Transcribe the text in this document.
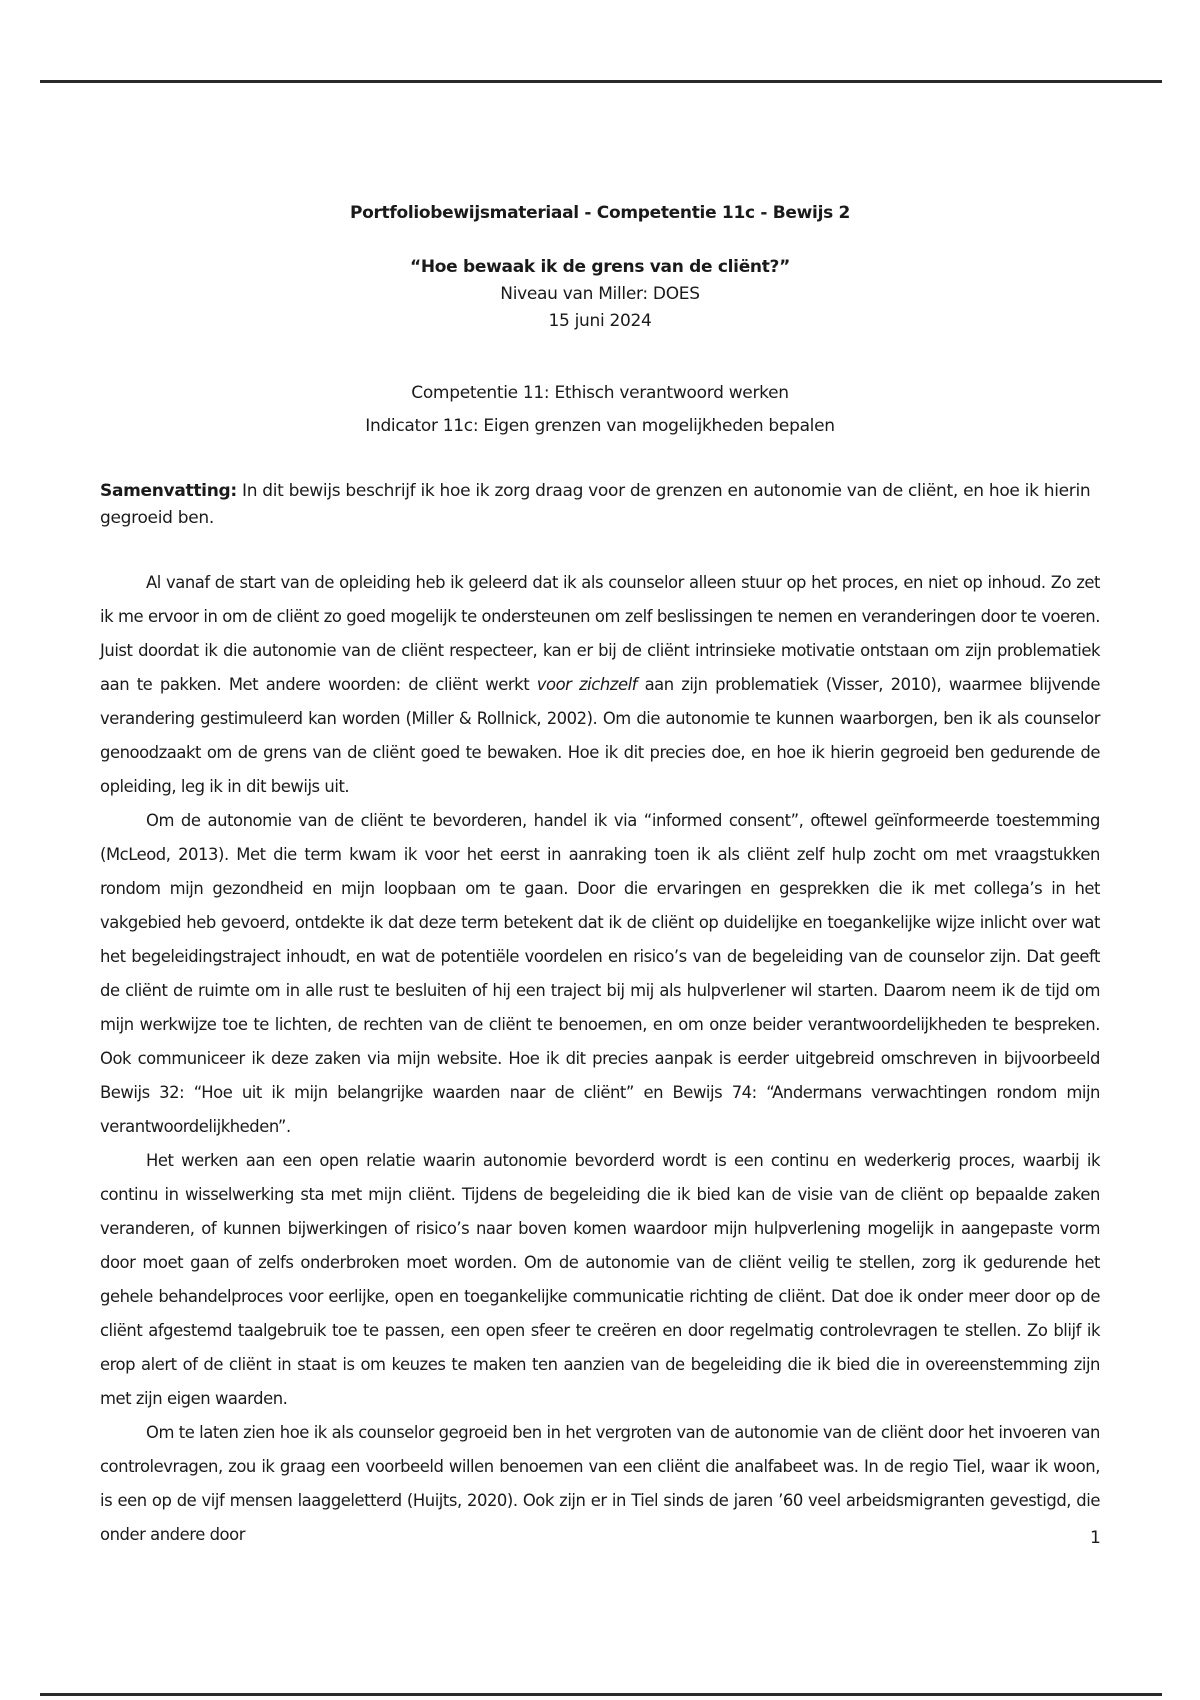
Portfoliobewijsmateriaal - Competentie 11c - Bewijs 2
“Hoe bewaak ik de grens van de cliënt?”
Niveau van Miller: DOES
15 juni 2024
Competentie 11: Ethisch verantwoord werken
Indicator 11c: Eigen grenzen van mogelijkheden bepalen
Samenvatting: In dit bewijs beschrijf ik hoe ik zorg draag voor de grenzen en autonomie van de cliënt, en hoe ik hierin gegroeid ben.

Al vanaf de start van de opleiding heb ik geleerd dat ik als counselor alleen stuur op het proces, en niet op inhoud. Zo zet ik me ervoor in om de cliënt zo goed mogelijk te ondersteunen om zelf beslissingen te nemen en veranderingen door te voeren. Juist doordat ik die autonomie van de cliënt respecteer, kan er bij de cliënt intrinsieke motivatie ontstaan om zijn problematiek aan te pakken. Met andere woorden: de cliënt werkt voor zichzelf aan zijn problematiek (Visser, 2010), waarmee blijvende verandering gestimuleerd kan worden (Miller & Rollnick, 2002). Om die autonomie te kunnen waarborgen, ben ik als counselor genoodzaakt om de grens van de cliënt goed te bewaken. Hoe ik dit precies doe, en hoe ik hierin gegroeid ben gedurende de opleiding, leg ik in dit bewijs uit.

Om de autonomie van de cliënt te bevorderen, handel ik via “informed consent”, oftewel geïnformeerde toestemming (McLeod, 2013). Met die term kwam ik voor het eerst in aanraking toen ik als cliënt zelf hulp zocht om met vraagstukken rondom mijn gezondheid en mijn loopbaan om te gaan. Door die ervaringen en gesprekken die ik met collega’s in het vakgebied heb gevoerd, ontdekte ik dat deze term betekent dat ik de cliënt op duidelijke en toegankelijke wijze inlicht over wat het begeleidingstraject inhoudt, en wat de potentiële voordelen en risico’s van de begeleiding van de counselor zijn. Dat geeft de cliënt de ruimte om in alle rust te besluiten of hij een traject bij mij als hulpverlener wil starten. Daarom neem ik de tijd om mijn werkwijze toe te lichten, de rechten van de cliënt te benoemen, en om onze beider verantwoordelijkheden te bespreken. Ook communiceer ik deze zaken via mijn website. Hoe ik dit precies aanpak is eerder uitgebreid omschreven in bijvoorbeeld Bewijs 32: “Hoe uit ik mijn belangrijke waarden naar de cliënt” en Bewijs 74: “Andermans verwachtingen rondom mijn verantwoordelijkheden”.

Het werken aan een open relatie waarin autonomie bevorderd wordt is een continu en wederkerig proces, waarbij ik continu in wisselwerking sta met mijn cliënt. Tijdens de begeleiding die ik bied kan de visie van de cliënt op bepaalde zaken veranderen, of kunnen bijwerkingen of risico’s naar boven komen waardoor mijn hulpverlening mogelijk in aangepaste vorm door moet gaan of zelfs onderbroken moet worden. Om de autonomie van de cliënt veilig te stellen, zorg ik gedurende het gehele behandelproces voor eerlijke, open en toegankelijke communicatie richting de cliënt. Dat doe ik onder meer door op de cliënt afgestemd taalgebruik toe te passen, een open sfeer te creëren en door regelmatig controlevragen te stellen. Zo blijf ik erop alert of de cliënt in staat is om keuzes te maken ten aanzien van de begeleiding die ik bied die in overeenstemming zijn met zijn eigen waarden.

Om te laten zien hoe ik als counselor gegroeid ben in het vergroten van de autonomie van de cliënt door het invoeren van controlevragen, zou ik graag een voorbeeld willen benoemen van een cliënt die analfabeet was. In de regio Tiel, waar ik woon, is een op de vijf mensen laaggeletterd (Huijts, 2020). Ook zijn er in Tiel sinds de jaren ’60 veel arbeidsmigranten gevestigd, die onder andere door	1
